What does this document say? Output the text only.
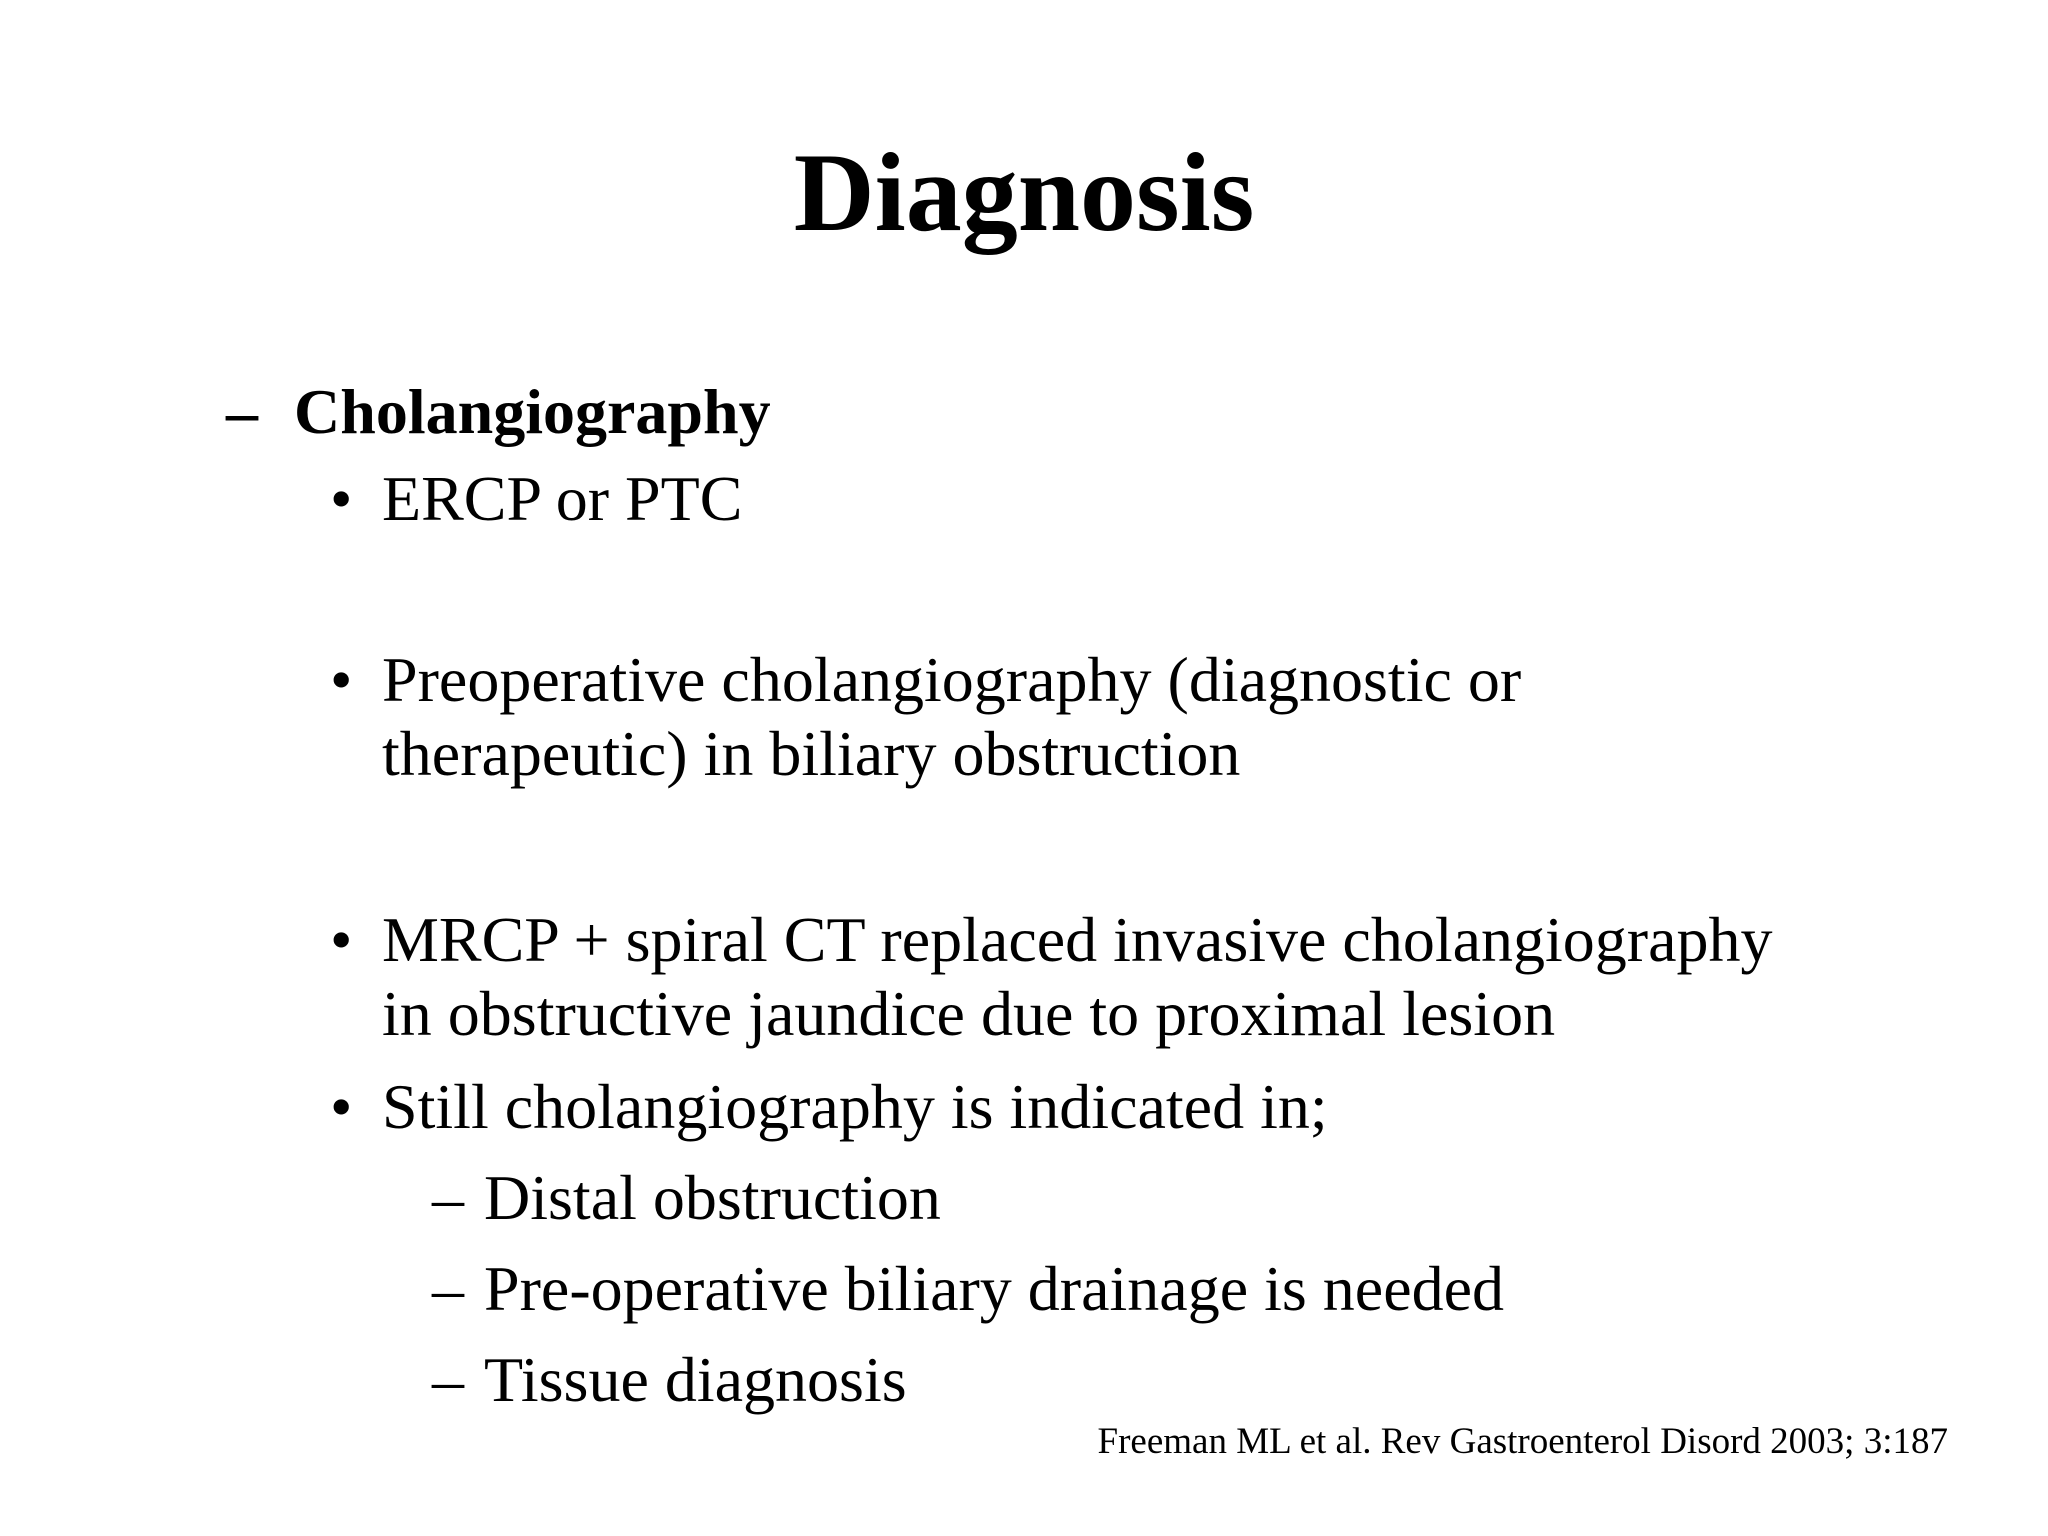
Diagnosis
– Cholangiography
• ERCP or PTC
• Preoperative cholangiography (diagnostic or
therapeutic) in biliary obstruction
• MRCP + spiral CT replaced invasive cholangiography
in obstructive jaundice due to proximal lesion
• Still cholangiography is indicated in;
– Distal obstruction
– Pre-operative biliary drainage is needed
– Tissue diagnosis
Freeman ML et al. Rev Gastroenterol Disord 2003; 3:187
